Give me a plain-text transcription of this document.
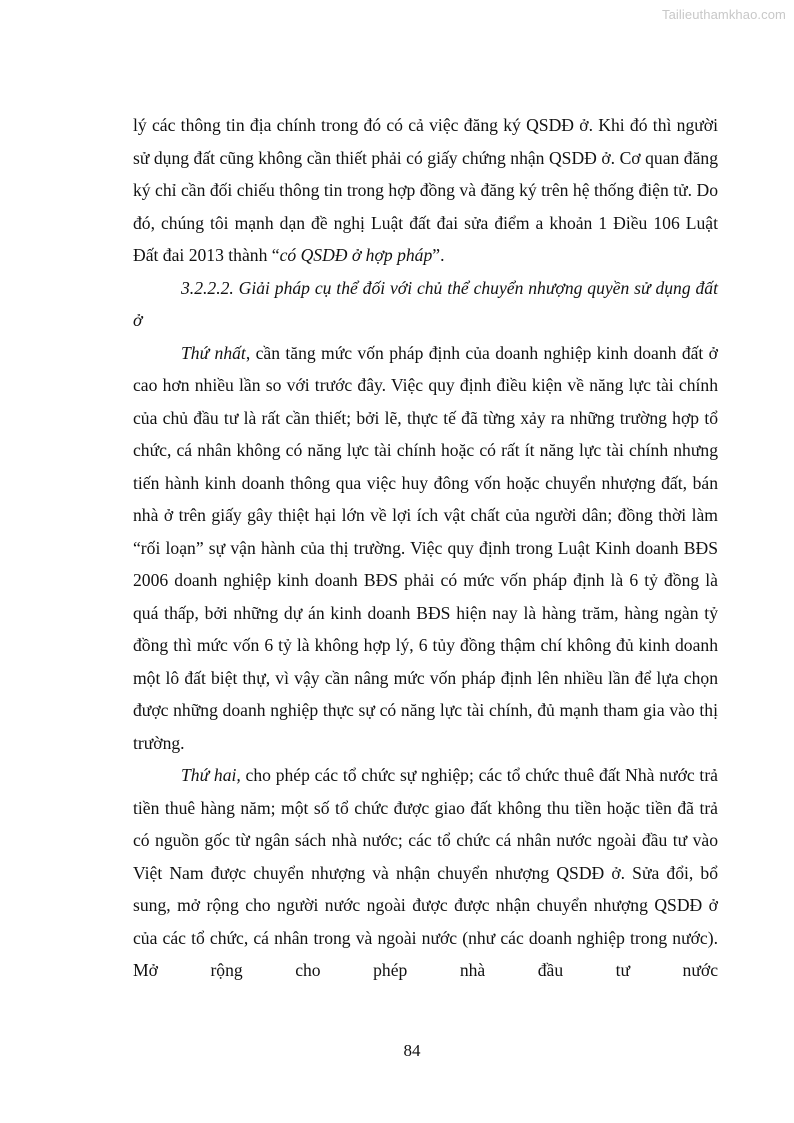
Tailieuthamkhao.com

lý các thông tin địa chính trong đó có cả việc đăng ký QSDĐ ở. Khi đó thì người sử dụng đất cũng không cần thiết phải có giấy chứng nhận QSDĐ ở. Cơ quan đăng ký chỉ cần đối chiếu thông tin trong hợp đồng và đăng ký trên hệ thống điện tử. Do đó, chúng tôi mạnh dạn đề nghị Luật đất đai sửa điểm a khoản 1 Điều 106 Luật Đất đai 2013 thành “có QSDĐ ở hợp pháp”.

3.2.2.2. Giải pháp cụ thể đối với chủ thể chuyển nhượng quyền sử dụng đất ở

Thứ nhất, cần tăng mức vốn pháp định của doanh nghiệp kinh doanh đất ở cao hơn nhiều lần so với trước đây. Việc quy định điều kiện về năng lực tài chính của chủ đầu tư là rất cần thiết; bởi lẽ, thực tế đã từng xảy ra những trường hợp tổ chức, cá nhân không có năng lực tài chính hoặc có rất ít năng lực tài chính nhưng tiến hành kinh doanh thông qua việc huy đông vốn hoặc chuyển nhượng đất, bán nhà ở trên giấy gây thiệt hại lớn về lợi ích vật chất của người dân; đồng thời làm “rối loạn” sự vận hành của thị trường. Việc quy định trong Luật Kinh doanh BĐS 2006 doanh nghiệp kinh doanh BĐS phải có mức vốn pháp định là 6 tỷ đồng là quá thấp, bởi những dự án kinh doanh BĐS hiện nay là hàng trăm, hàng ngàn tỷ đồng thì mức vốn 6 tỷ là không hợp lý, 6 tủy đồng thậm chí không đủ kinh doanh một lô đất biệt thự, vì vậy cần nâng mức vốn pháp định lên nhiều lần để lựa chọn được những doanh nghiệp thực sự có năng lực tài chính, đủ mạnh tham gia vào thị trường.

Thứ hai, cho phép các tổ chức sự nghiệp; các tổ chức thuê đất Nhà nước trả tiền thuê hàng năm; một số tổ chức được giao đất không thu tiền hoặc tiền đã trả có nguồn gốc từ ngân sách nhà nước; các tổ chức cá nhân nước ngoài đầu tư vào Việt Nam được chuyển nhượng và nhận chuyển nhượng QSDĐ ở. Sửa đổi, bổ sung, mở rộng cho người nước ngoài được được nhận chuyển nhượng QSDĐ ở của các tổ chức, cá nhân trong và ngoài nước (như các doanh nghiệp trong nước). Mở rộng cho phép nhà đầu tư nước

84
